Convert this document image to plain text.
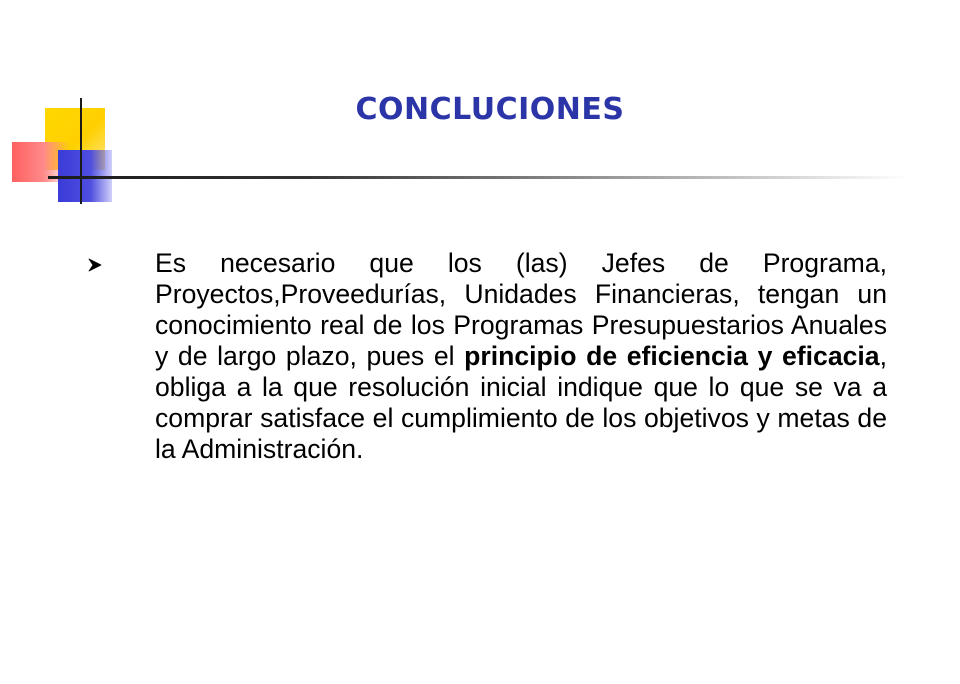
CONCLUCIONES
Es necesario que los (las) Jefes de Programa, Proyectos,Proveedurías, Unidades Financieras, tengan un conocimiento real de los Programas Presupuestarios Anuales y de largo plazo, pues el principio de eficiencia y eficacia, obliga a la que resolución inicial indique que lo que se va a comprar satisface el cumplimiento de los objetivos y metas de la Administración.
